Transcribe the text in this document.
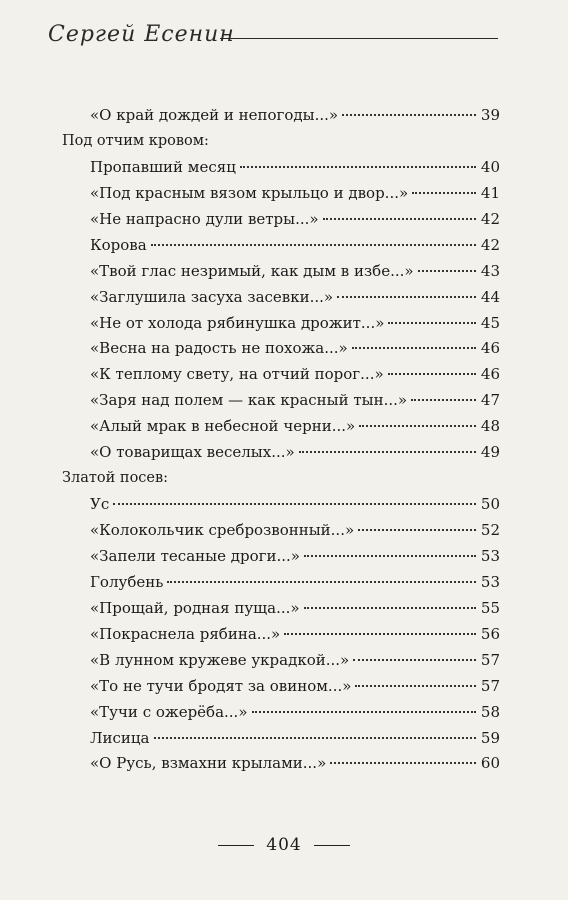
Сергей Есенин
«О край дождей и непогоды...»	39
Под отчим кровом:
Пропавший месяц	40
«Под красным вязом крыльцо и двор...»	41
«Не напрасно дули ветры...»	42
Корова	42
«Твой глас незримый, как дым в избе...»	43
«Заглушила засуха засевки...»	44
«Не от холода рябинушка дрожит...»	45
«Весна на радость не похожа...»	46
«К теплому свету, на отчий порог...»	46
«Заря над полем — как красный тын...»	47
«Алый мрак в небесной черни...»	48
«О товарищах веселых...»	49
Златой посев:
Ус	50
«Колокольчик среброзвонный...»	52
«Запели тесаные дроги...»	53
Голубень	53
«Прощай, родная пуща...»	55
«Покраснела рябина...»	56
«В лунном кружеве украдкой...»	57
«То не тучи бродят за овином...»	57
«Тучи с ожерёба...»	58
Лисица	59
«О Русь, взмахни крылами...»	60
404
